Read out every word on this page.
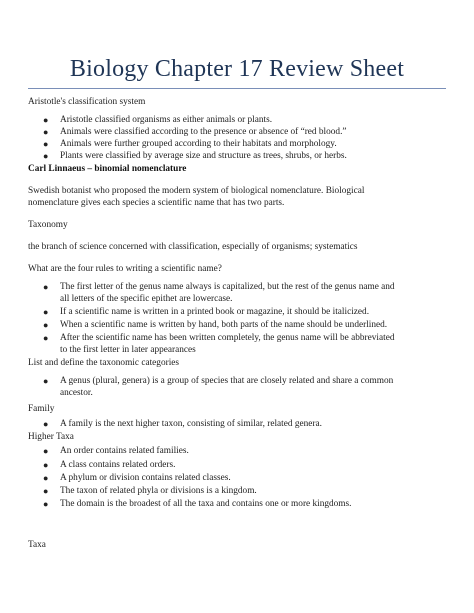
Biology Chapter 17 Review Sheet
Aristotle's classification system
● Aristotle classified organisms as either animals or plants.
● Animals were classified according to the presence or absence of “red blood.”
● Animals were further grouped according to their habitats and morphology.
● Plants were classified by average size and structure as trees, shrubs, or herbs.
Carl Linnaeus – binomial nomenclature
Swedish botanist who proposed the modern system of biological nomenclature. Biological
nomenclature gives each species a scientific name that has two parts.
Taxonomy
the branch of science concerned with classification, especially of organisms; systematics
What are the four rules to writing a scientific name?
● The first letter of the genus name always is capitalized, but the rest of the genus name and
all letters of the specific epithet are lowercase.
● If a scientific name is written in a printed book or magazine, it should be italicized.
● When a scientific name is written by hand, both parts of the name should be underlined.
● After the scientific name has been written completely, the genus name will be abbreviated
to the first letter in later appearances
List and define the taxonomic categories
● A genus (plural, genera) is a group of species that are closely related and share a common
ancestor.
Family
● A family is the next higher taxon, consisting of similar, related genera.
Higher Taxa
● An order contains related families.
● A class contains related orders.
● A phylum or division contains related classes.
● The taxon of related phyla or divisions is a kingdom.
● The domain is the broadest of all the taxa and contains one or more kingdoms.
Taxa
